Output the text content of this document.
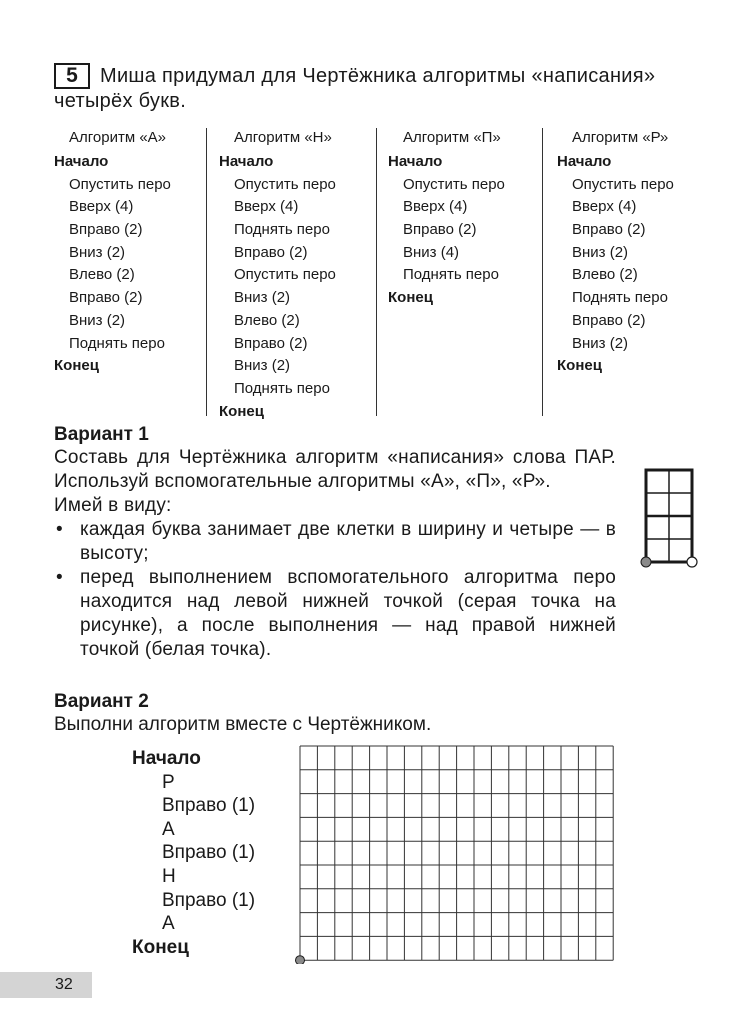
5	Миша придумал для Чертёжника алгоритмы «написания»
четырёх букв.
Алгоритм «А»
Начало
Опустить перо
Вверх (4)
Вправо (2)
Вниз (2)
Влево (2)
Вправо (2)
Вниз (2)
Поднять перо
Конец
Алгоритм «Н»
Начало
Опустить перо
Вверх (4)
Поднять перо
Вправо (2)
Опустить перо
Вниз (2)
Влево (2)
Вправо (2)
Вниз (2)
Поднять перо
Конец
Алгоритм «П»
Начало
Опустить перо
Вверх (4)
Вправо (2)
Вниз (4)
Поднять перо
Конец
Алгоритм «Р»
Начало
Опустить перо
Вверх (4)
Вправо (2)
Вниз (2)
Влево (2)
Поднять перо
Вправо (2)
Вниз (2)
Конец
Вариант 1

Составь для Чертёжника алгоритм «написания» слова ПАР. Используй вспомогательные алгоритмы «А», «П», «Р».

Имей в виду:

• каждая буква занимает две клетки в ширину и четыре — в высоту;
• перед выполнением вспомогательного алгоритма перо находится над левой нижней точкой (серая точка на рисунке), а после выполнения — над правой нижней точкой (белая точка).
Вариант 2
Выполни алгоритм вместе с Чертёжником.
Начало
Р
Вправо (1)
А
Вправо (1)
Н
Вправо (1)
А
Конец
32
